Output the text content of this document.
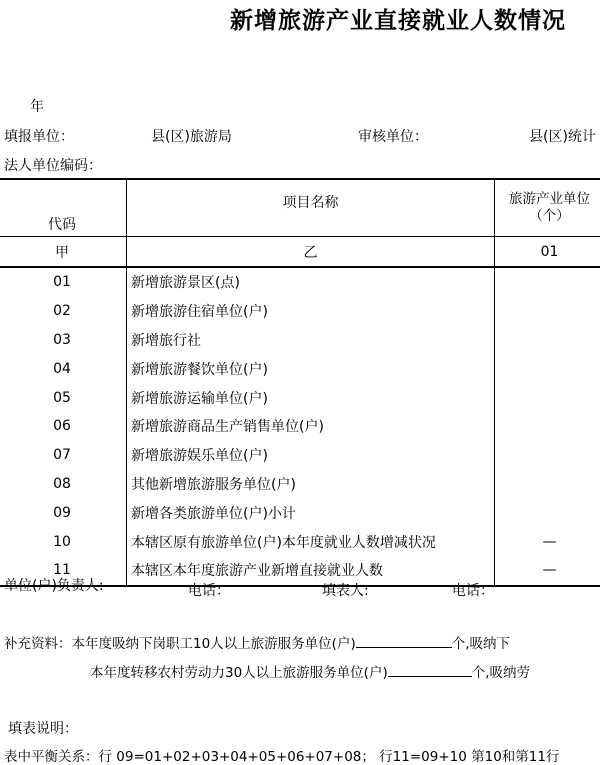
新增旅游产业直接就业人数情况
年
填报单位：	县(区)旅游局	审核单位：	县(区)统计
法人单位编码：
代码	项目名称	旅游产业单位（个）
甲	乙	01
01	新增旅游景区(点)	
02	新增旅游住宿单位(户)	
03	新增旅行社	
04	新增旅游餐饮单位(户)	
05	新增旅游运输单位(户)	
06	新增旅游商品生产销售单位(户)	
07	新增旅游娱乐单位(户)	
08	其他新增旅游服务单位(户)	
09	新增各类旅游单位(户)小计	
10	本辖区原有旅游单位(户)本年度就业人数增减状况	—
11	本辖区本年度旅游产业新增直接就业人数	—
单位(户)负责人:	电话：	填表人:	电话：
补充资料：本年度吸纳下岗职工10人以上旅游服务单位(户)	个,吸纳下
本年度转移农村劳动力30人以上旅游服务单位(户)	个,吸纳劳
填表说明：
表中平衡关系：行 09=01+02+03+04+05+06+07+08； 行11=09+10 第10和第11行
